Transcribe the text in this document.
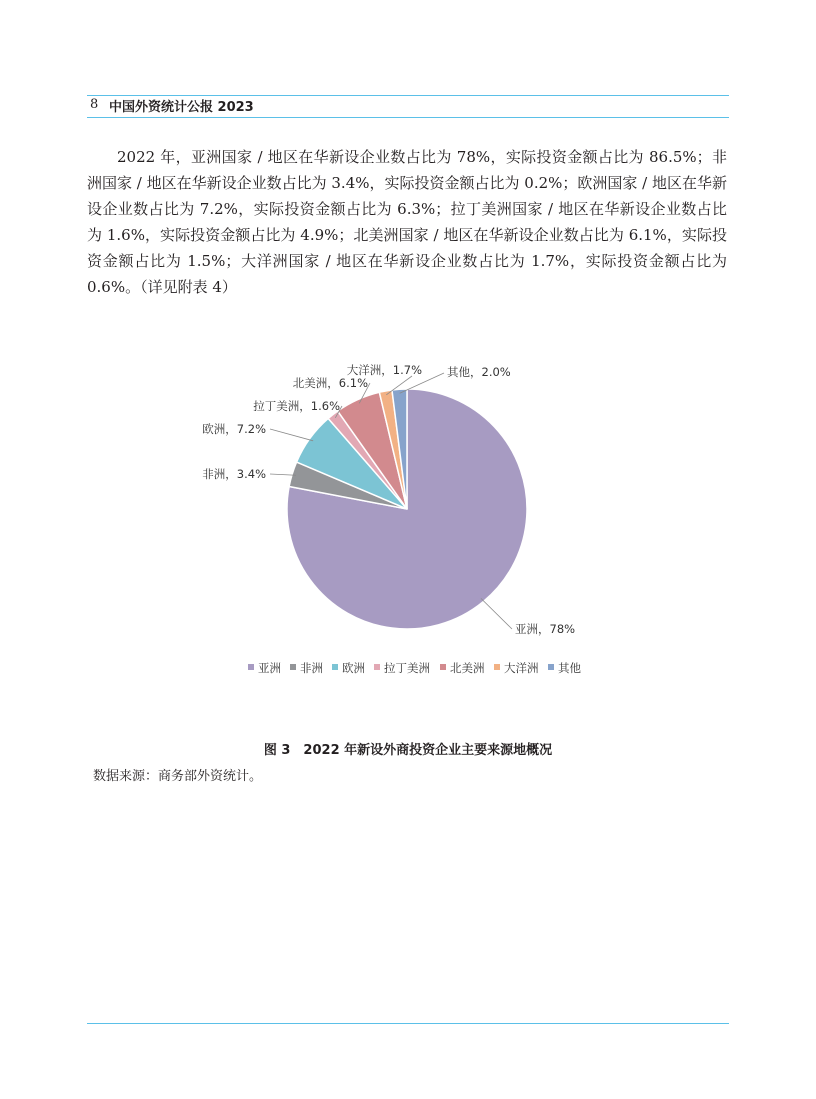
8 中国外资统计公报 2023

2022 年，亚洲国家 / 地区在华新设企业数占比为 78%，实际投资金额占比为 86.5%；非洲国家 / 地区在华新设企业数占比为 3.4%，实际投资金额占比为 0.2%；欧洲国家 / 地区在华新设企业数占比为 7.2%，实际投资金额占比为 6.3%；拉丁美洲国家 / 地区在华新设企业数占比为 1.6%，实际投资金额占比为 4.9%；北美洲国家 / 地区在华新设企业数占比为 6.1%，实际投资金额占比为 1.5%；大洋洲国家 / 地区在华新设企业数占比为 1.7%，实际投资金额占比为 0.6%。（详见附表 4）

亚洲，78%
非洲，3.4%
欧洲，7.2%
拉丁美洲，1.6%
北美洲，6.1%
大洋洲，1.7% 其他，2.0%
亚洲 非洲 欧洲 拉丁美洲 北美洲 大洋洲 其他
图 3　2022 年新设外商投资企业主要来源地概况
数据来源：商务部外资统计。
